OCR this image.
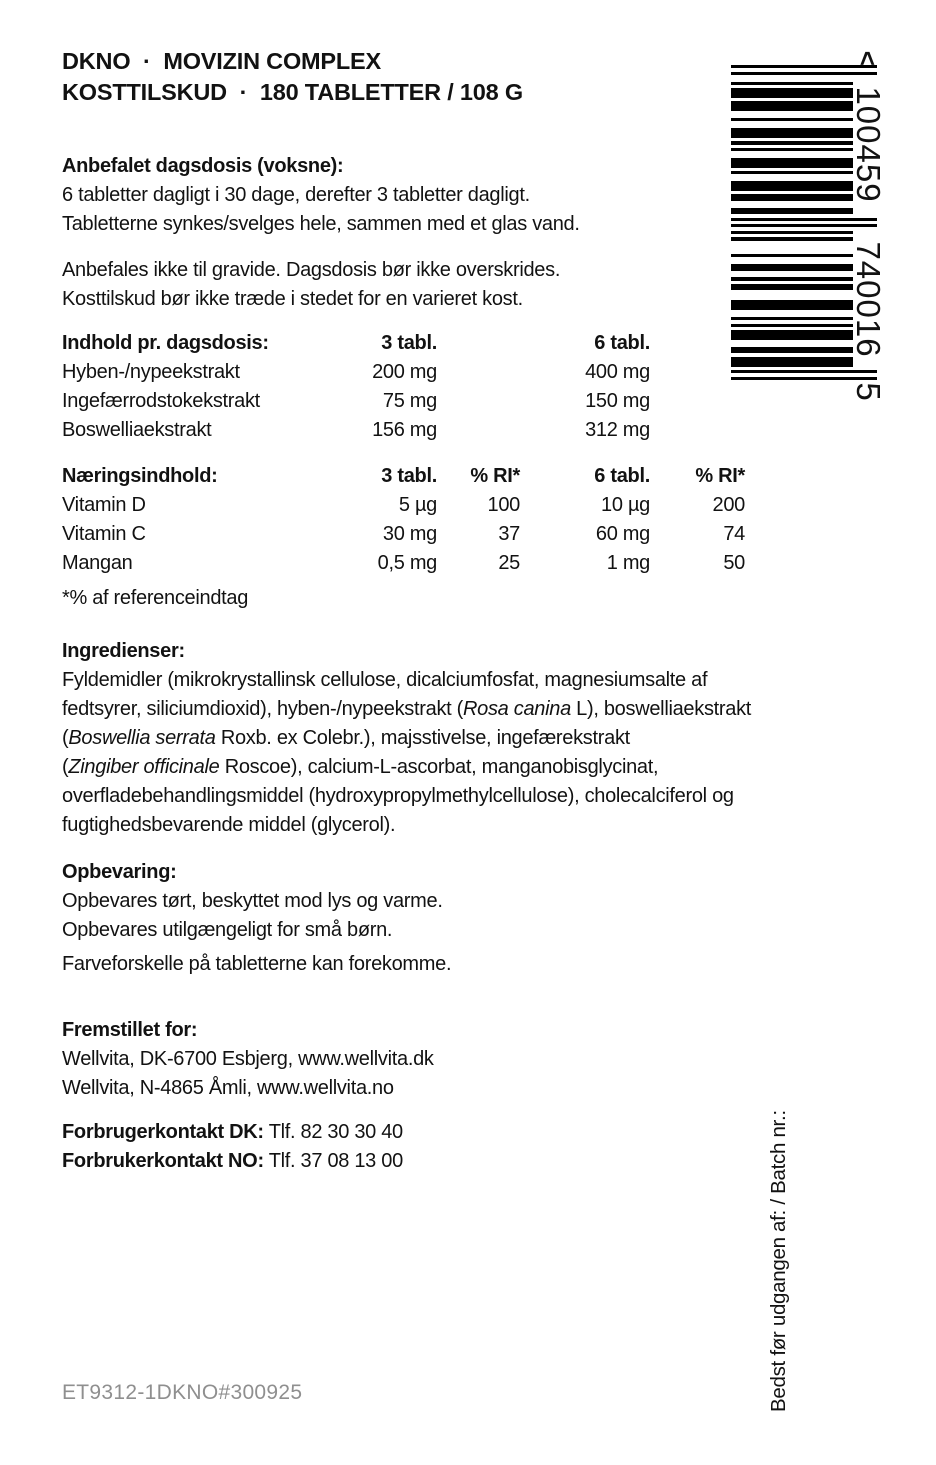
DKNO  ·  MOVIZIN COMPLEX
KOSTTILSKUD  ·  180 TABLETTER / 108 G
Anbefalet dagsdosis (voksne):
6 tabletter dagligt i 30 dage, derefter 3 tabletter dagligt.
Tabletterne synkes/svelges hele, sammen med et glas vand.
Anbefales ikke til gravide. Dagsdosis bør ikke overskrides.
Kosttilskud bør ikke træde i stedet for en varieret kost.
Indhold pr. dagsdosis:	3 tabl.	6 tabl.
Hyben-/nypeekstrakt	200 mg	400 mg
Ingefærrodstokekstrakt	75 mg	150 mg
Boswelliaekstrakt	156 mg	312 mg
Næringsindhold:	3 tabl.	% RI*	6 tabl.	% RI*
Vitamin D	5 µg	100	10 µg	200
Vitamin C	30 mg	37	60 mg	74
Mangan	0,5 mg	25	1 mg	50
*% af referenceindtag
Ingredienser:
Fyldemidler (mikrokrystallinsk cellulose, dicalciumfosfat, magnesiumsalte af
fedtsyrer, siliciumdioxid), hyben-/nypeekstrakt (Rosa canina L), boswelliaekstrakt
(Boswellia serrata Roxb. ex Colebr.), majsstivelse, ingefærekstrakt
(Zingiber officinale Roscoe), calcium-L-ascorbat, manganobisglycinat,
overfladebehandlingsmiddel (hydroxypropylmethylcellulose), cholecalciferol og
fugtighedsbevarende middel (glycerol).
Opbevaring:
Opbevares tørt, beskyttet mod lys og varme.
Opbevares utilgængeligt for små børn.
Farveforskelle på tabletterne kan forekomme.
Fremstillet for:
Wellvita, DK-6700 Esbjerg, www.wellvita.dk
Wellvita, N-4865 Åmli, www.wellvita.no
Forbrugerkontakt DK: Tlf. 82 30 30 40
Forbrukerkontakt NO: Tlf. 37 08 13 00
ET9312-1DKNO#300925
>
100459
740016
5
Bedst før udgangen af: / Batch nr.:
